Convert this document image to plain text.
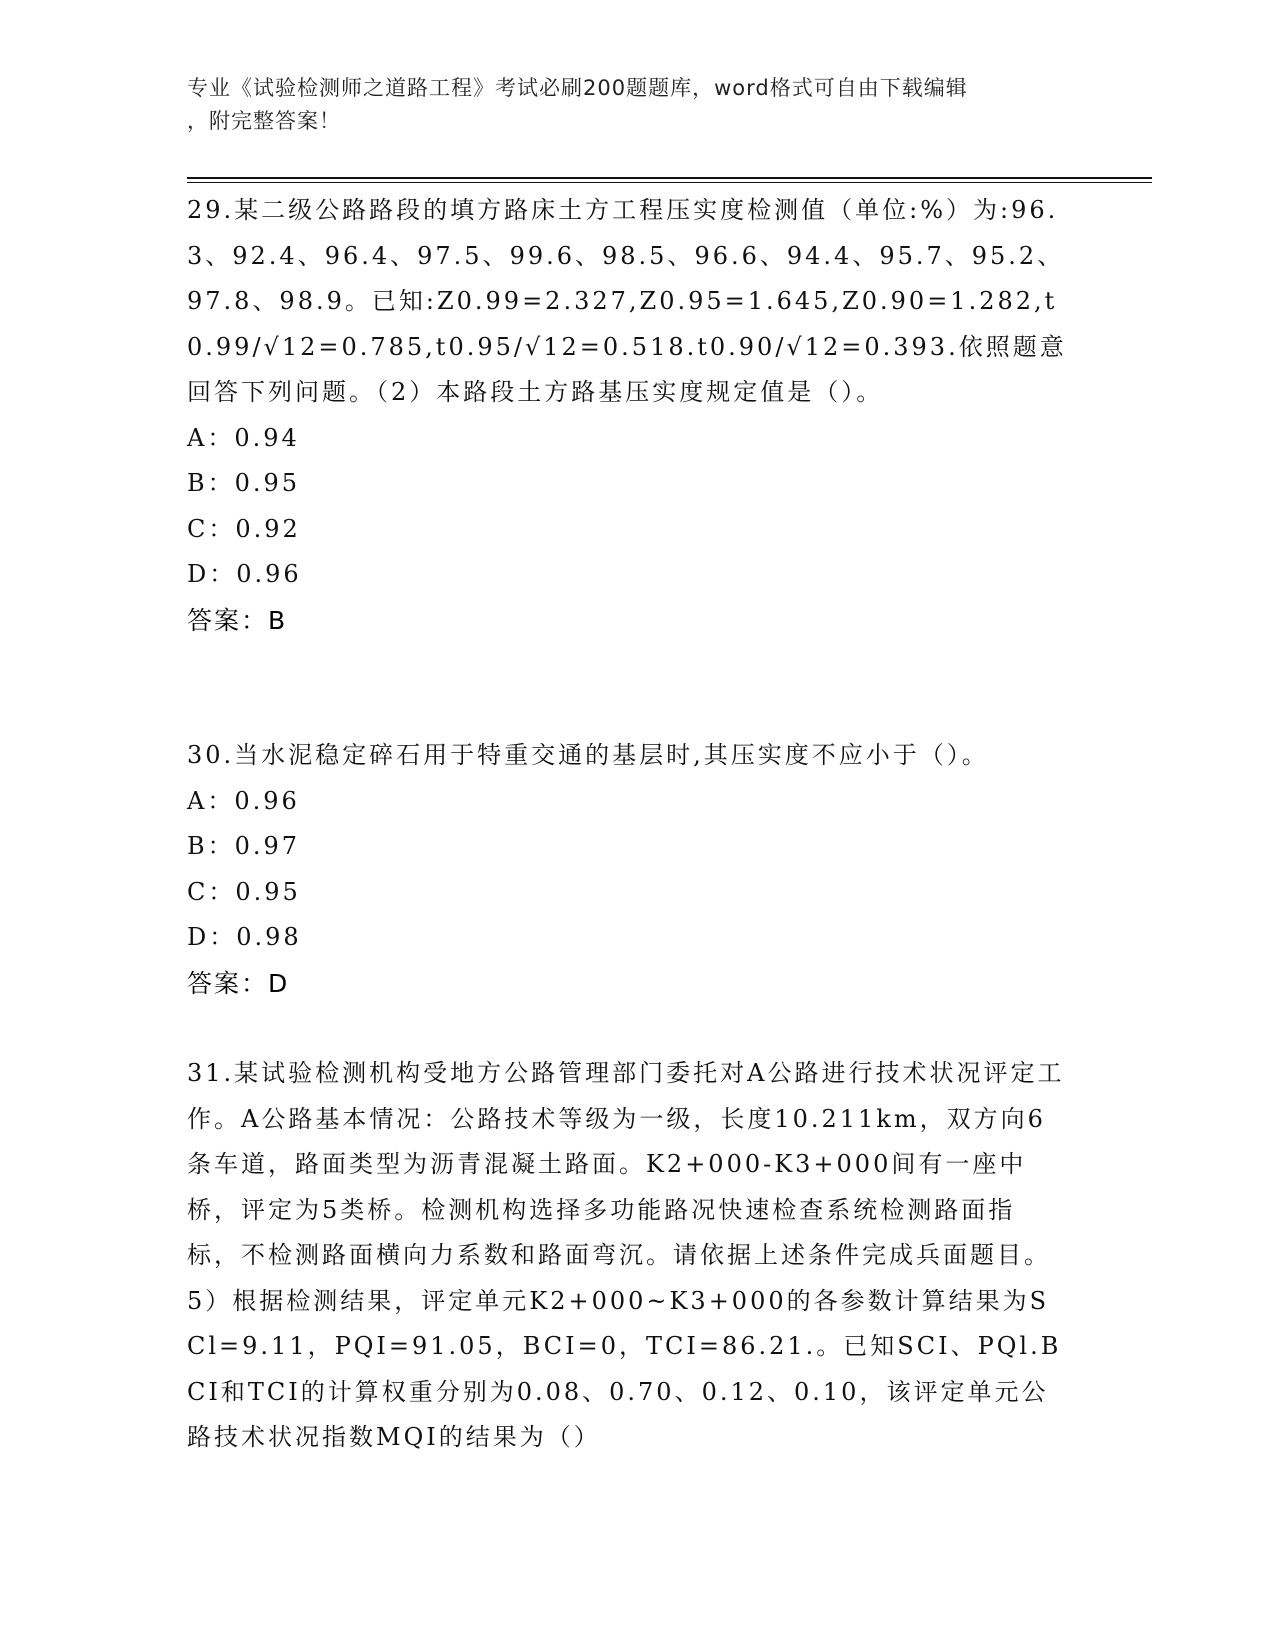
专业《试验检测师之道路工程》考试必刷200题题库，word格式可自由下载编辑
，附完整答案！

29.某二级公路路段的填方路床土方工程压实度检测值（单位:%）为:96.3、92.4、96.4、97.5、99.6、98.5、96.6、94.4、95.7、95.2、97.8、98.9。已知:Z0.99=2.327,Z0.95=1.645,Z0.90=1.282,t0.99/√12=0.785,t0.95/√12=0.518.t0.90/√12=0.393.依照题意回答下列问题。（2）本路段土方路基压实度规定值是（）。

A：0.94

B：0.95

C：0.92

D：0.96

答案：B

30.当水泥稳定碎石用于特重交通的基层时,其压实度不应小于（）。

A：0.96

B：0.97

C：0.95

D：0.98

答案：D

31.某试验检测机构受地方公路管理部门委托对A公路进行技术状况评定工作。A公路基本情况：公路技术等级为一级，长度10.211km，双方向6条车道，路面类型为沥青混凝土路面。K2+000-K3+000间有一座中桥，评定为5类桥。检测机构选择多功能路况快速检查系统检测路面指标，不检测路面横向力系数和路面弯沉。请依据上述条件完成兵面题目。5）根据检测结果，评定单元K2+000~K3+000的各参数计算结果为SCl=9.11，PQI=91.05，BCI=0，TCI=86.21.。已知SCI、PQl.BCI和TCI的计算权重分别为0.08、0.70、0.12、0.10，该评定单元公路技术状况指数MQI的结果为（）
